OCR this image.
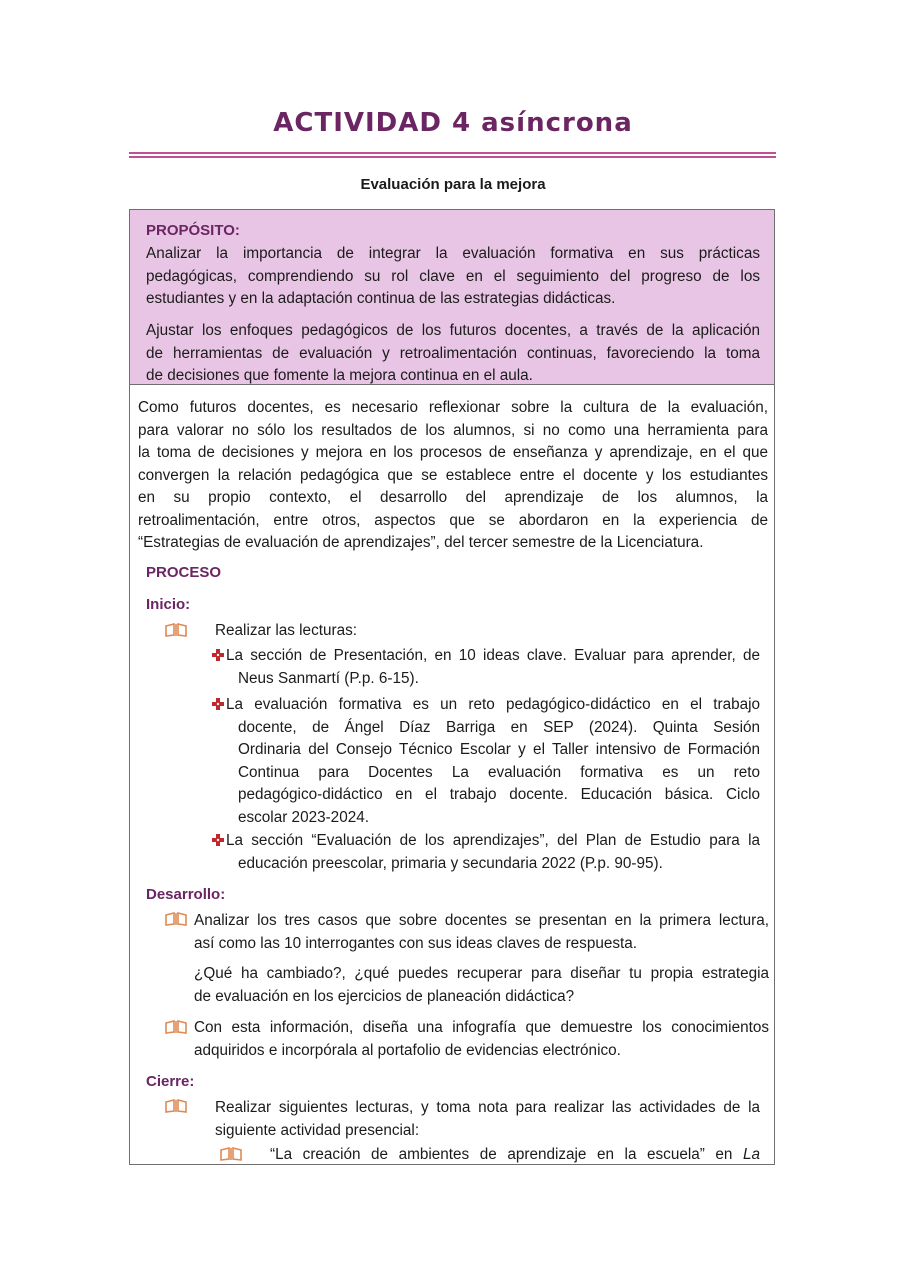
ACTIVIDAD 4 asíncrona
Evaluación para la mejora
PROPÓSITO:

Analizar la importancia de integrar la evaluación formativa en sus prácticas

pedagógicas, comprendiendo su rol clave en el seguimiento del progreso de los

estudiantes y en la adaptación continua de las estrategias didácticas.

Ajustar los enfoques pedagógicos de los futuros docentes, a través de la aplicación

de herramientas de evaluación y retroalimentación continuas, favoreciendo la toma

de decisiones que fomente la mejora continua en el aula.

Como futuros docentes, es necesario reflexionar sobre la cultura de la evaluación,

para valorar no sólo los resultados de los alumnos, si no como una herramienta para

la toma de decisiones y mejora en los procesos de enseñanza y aprendizaje, en el que

convergen la relación pedagógica que se establece entre el docente y los estudiantes

en su propio contexto, el desarrollo del aprendizaje de los alumnos, la

retroalimentación, entre otros, aspectos que se abordaron en la experiencia de

“Estrategias de evaluación de aprendizajes”, del tercer semestre de la Licenciatura.

PROCESO
Inicio:
Realizar las lecturas:

La sección de Presentación, en 10 ideas clave. Evaluar para aprender, de

Neus Sanmartí (P.p. 6-15).

La evaluación formativa es un reto pedagógico-didáctico en el trabajo

docente, de Ángel Díaz Barriga en SEP (2024). Quinta Sesión

Ordinaria del Consejo Técnico Escolar y el Taller intensivo de Formación

Continua para Docentes La evaluación formativa es un reto

pedagógico-didáctico en el trabajo docente. Educación básica. Ciclo

escolar 2023-2024.

La sección “Evaluación de los aprendizajes”, del Plan de Estudio para la

educación preescolar, primaria y secundaria 2022 (P.p. 90-95).

Desarrollo:

Analizar los tres casos que sobre docentes se presentan en la primera lectura,

así como las 10 interrogantes con sus ideas claves de respuesta.

¿Qué ha cambiado?, ¿qué puedes recuperar para diseñar tu propia estrategia

de evaluación en los ejercicios de planeación didáctica?

Con esta información, diseña una infografía que demuestre los conocimientos

adquiridos e incorpórala al portafolio de evidencias electrónico.

Cierre:

Realizar siguientes lecturas, y toma nota para realizar las actividades de la

siguiente actividad presencial:

“La creación de ambientes de aprendizaje en la escuela” en La
